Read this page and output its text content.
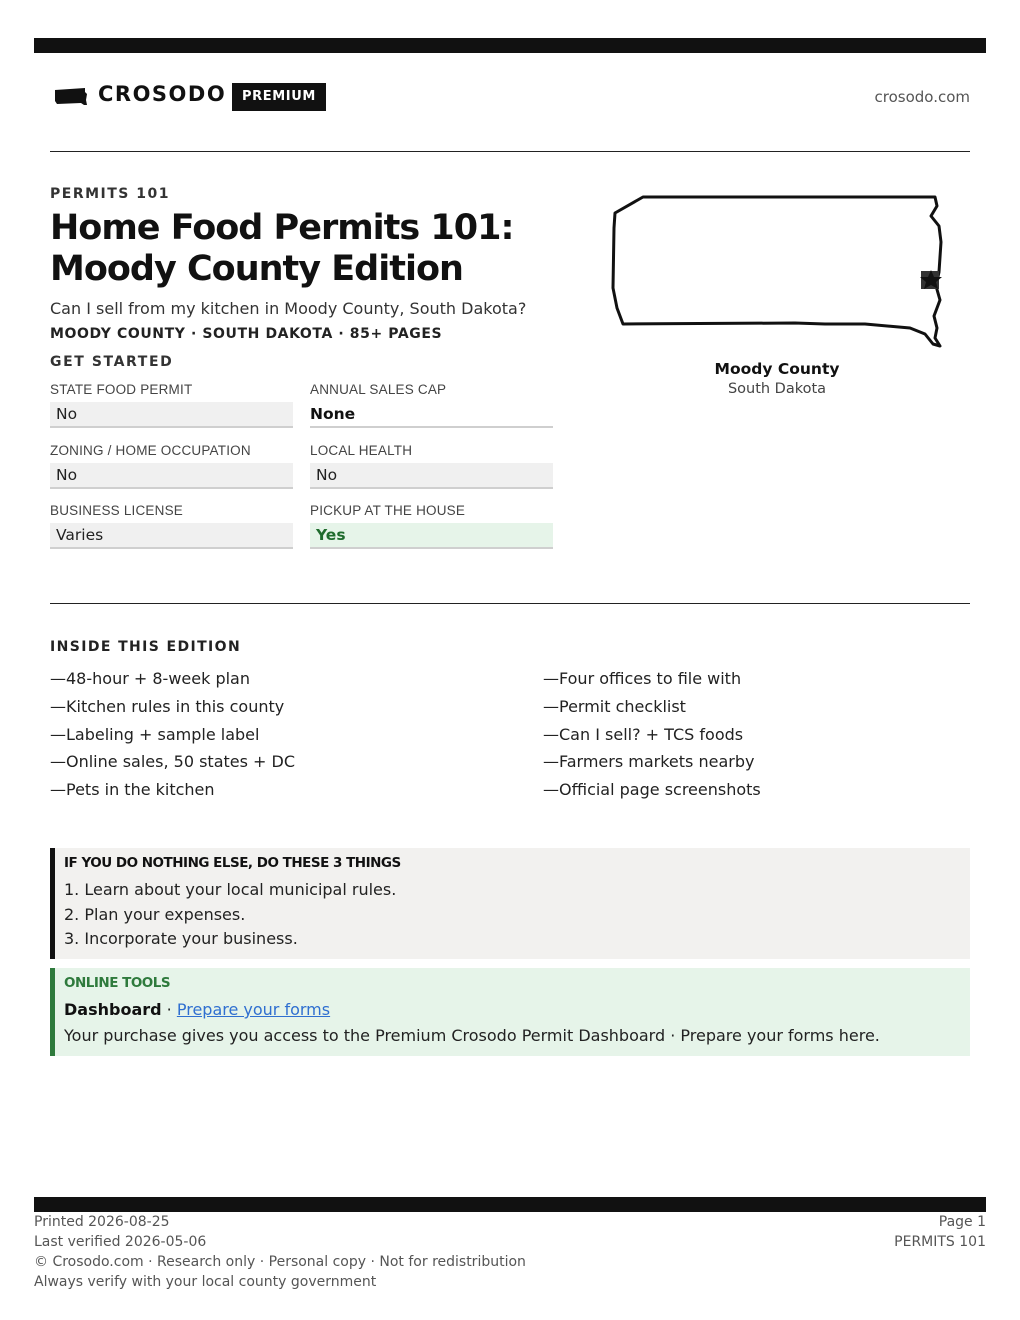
CROSODO	PREMIUM	crosodo.com
PERMITS 101
Home Food Permits 101: Moody County Edition
Can I sell from my kitchen in Moody County, South Dakota?
MOODY COUNTY · SOUTH DAKOTA · 85+ PAGES
GET STARTED
STATE FOOD PERMIT
No
ANNUAL SALES CAP
None
ZONING / HOME OCCUPATION
No
LOCAL HEALTH
No
BUSINESS LICENSE
Varies
PICKUP AT THE HOUSE
Yes
Moody County
South Dakota
INSIDE THIS EDITION
—48-hour + 8-week plan
—Kitchen rules in this county
—Labeling + sample label
—Online sales, 50 states + DC
—Pets in the kitchen
—Four offices to file with
—Permit checklist
—Can I sell? + TCS foods
—Farmers markets nearby
—Official page screenshots
IF YOU DO NOTHING ELSE, DO THESE 3 THINGS
1. Learn about your local municipal rules.
2. Plan your expenses.
3. Incorporate your business.
ONLINE TOOLS
Dashboard · Prepare your forms
Your purchase gives you access to the Premium Crosodo Permit Dashboard · Prepare your forms here.
Printed 2026-08-25
Last verified 2026-05-06
© Crosodo.com · Research only · Personal copy · Not for redistribution
Always verify with your local county government
Page 1
PERMITS 101
